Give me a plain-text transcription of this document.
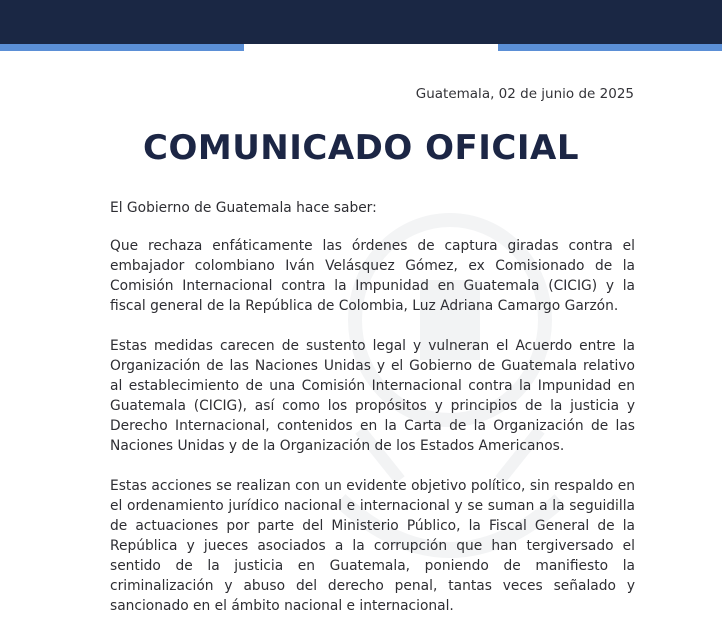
Guatemala, 02 de junio de 2025
COMUNICADO OFICIAL

El Gobierno de Guatemala hace saber:

Que rechaza enfáticamente las órdenes de captura giradas contra el embajador colombiano Iván Velásquez Gómez, ex Comisionado de la Comisión Internacional contra la Impunidad en Guatemala (CICIG) y la fiscal general de la República de Colombia, Luz Adriana Camargo Garzón.

Estas medidas carecen de sustento legal y vulneran el Acuerdo entre la Organización de las Naciones Unidas y el Gobierno de Guatemala relativo al establecimiento de una Comisión Internacional contra la Impunidad en Guatemala (CICIG), así como los propósitos y principios de la justicia y Derecho Internacional, contenidos en la Carta de la Organización de las Naciones Unidas y de la Organización de los Estados Americanos.

Estas acciones se realizan con un evidente objetivo político, sin respaldo en el ordenamiento jurídico nacional e internacional y se suman a la seguidilla de actuaciones por parte del Ministerio Público, la Fiscal General de la República y jueces asociados a la corrupción que han tergiversado el sentido de la justicia en Guatemala, poniendo de manifiesto la criminalización y abuso del derecho penal, tantas veces señalado y sancionado en el ámbito nacional e internacional.
